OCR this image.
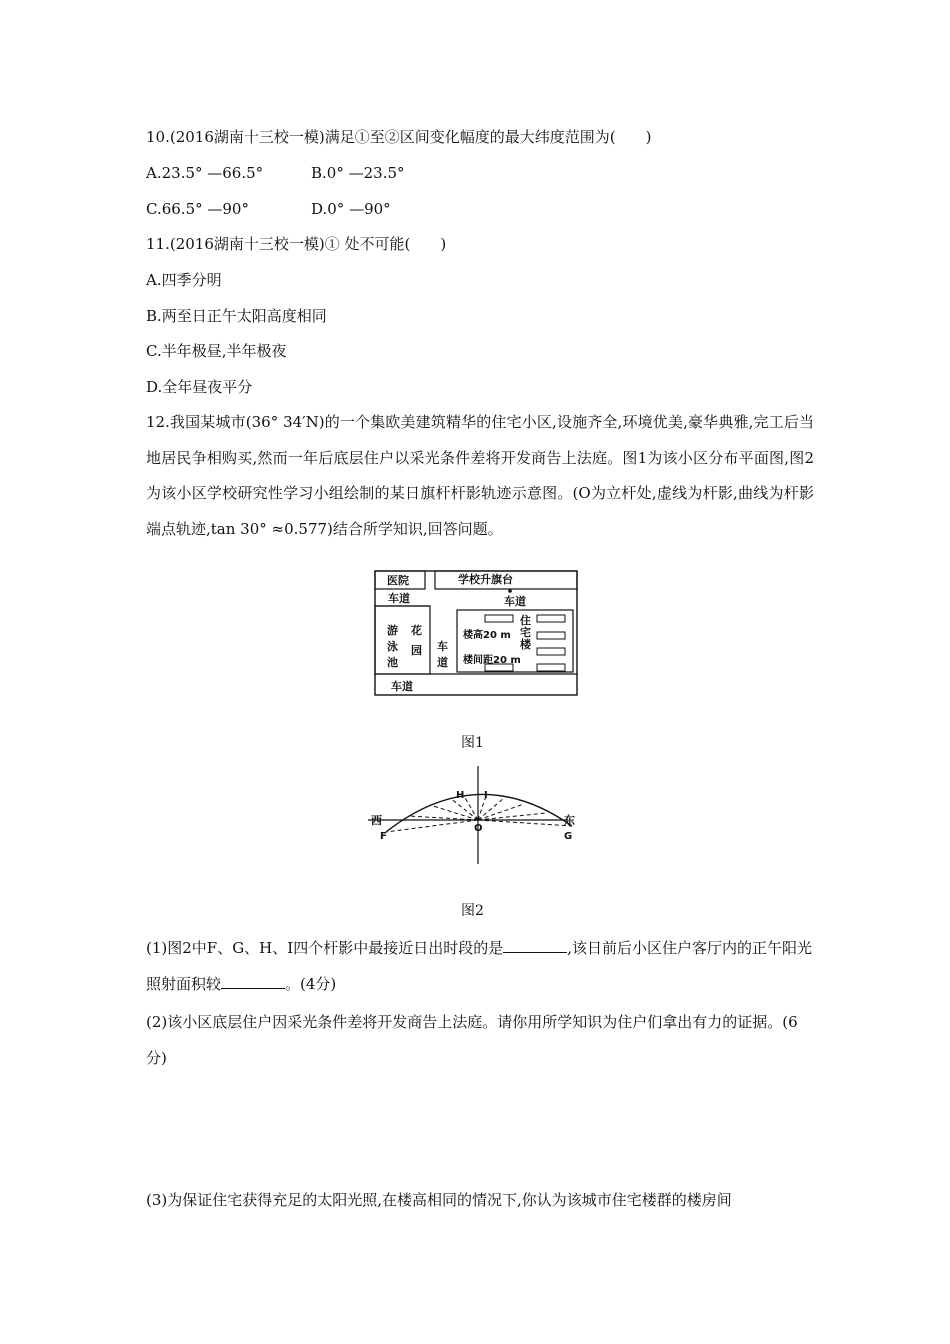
10.(2016湖南十三校一模)满足①至②区间变化幅度的最大纬度范围为(　　)
A.23.5° —66.5°	B.0° —23.5°
C.66.5° —90°	D.0° —90°
11.(2016湖南十三校一模)① 处不可能(　　)
A.四季分明
B.两至日正午太阳高度相同
C.半年极昼,半年极夜
D.全年昼夜平分
12.我国某城市(36° 34′N)的一个集欧美建筑精华的住宅小区,设施齐全,环境优美,豪华典雅,完工后当地居民争相购买,然而一年后底层住户以采光条件差将开发商告上法庭。图1为该小区分布平面图,图2为该小区学校研究性学习小组绘制的某日旗杆杆影轨迹示意图。(O为立杆处,虚线为杆影,曲线为杆影端点轨迹,tan 30° ≈0.577)结合所学知识,回答问题。
医院	学校升旗台
车道	车道
游
泳
池
花
园 车
道
住
宅
楼
楼高20 m
楼间距20 m
车道
图1
西	东
F	G
H I
O
图2
(1)图2中F、G、H、I四个杆影中最接近日出时段的是	,该日前后小区住户客厅内的正午阳光照射面积较	。(4分)
(2)该小区底层住户因采光条件差将开发商告上法庭。请你用所学知识为住户们拿出有力的证据。(6分)
(3)为保证住宅获得充足的太阳光照,在楼高相同的情况下,你认为该城市住宅楼群的楼房间
